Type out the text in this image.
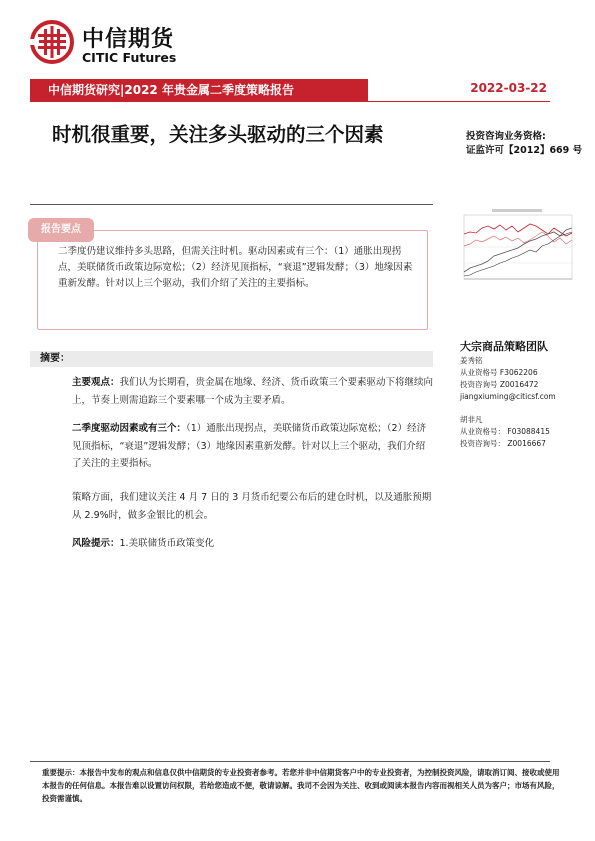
中信期货
CITIC Futures
中信期货研究|2022 年贵金属二季度策略报告	2022-03-22
时机很重要，关注多头驱动的三个因素	投资咨询业务资格:
证监许可【2012】669 号
报告要点
二季度仍建议维持多头思路，但需关注时机。驱动因素或有三个：（1）通胀出现拐点，美联储货币政策边际宽松；（2）经济见顶指标，“衰退”逻辑发酵；（3）地缘因素重新发酵。针对以上三个驱动，我们介绍了关注的主要指标。
摘要：
主要观点：我们认为长期看，贵金属在地缘、经济、货币政策三个要素驱动下将继续向上，节奏上则需追踪三个要素哪一个成为主要矛盾。
二季度驱动因素或有三个：（1）通胀出现拐点，美联储货币政策边际宽松；（2）经济见顶指标，“衰退”逻辑发酵；（3）地缘因素重新发酵。针对以上三个驱动，我们介绍了关注的主要指标。
策略方面，我们建议关注 4 月 7 日的 3 月货币纪要公布后的建仓时机，以及通胀预期从 2.9%时，做多金银比的机会。
风险提示：1.美联储货币政策变化
大宗商品策略团队
姜秀铭
从业资格号 F3062206
投资咨询号 Z0016472
jiangxiuming@citicsf.com
胡非凡
从业资格号： F03088415
投资咨询号： Z0016667
重要提示：本报告中发布的观点和信息仅供中信期货的专业投资者参考。若您并非中信期货客户中的专业投资者，为控制投资风险，请取消订阅、接收或使用本报告的任何信息。本报告难以设置访问权限，若给您造成不便，敬请谅解。我司不会因为关注、收到或阅读本报告内容而视相关人员为客户；市场有风险，投资需谨慎。
